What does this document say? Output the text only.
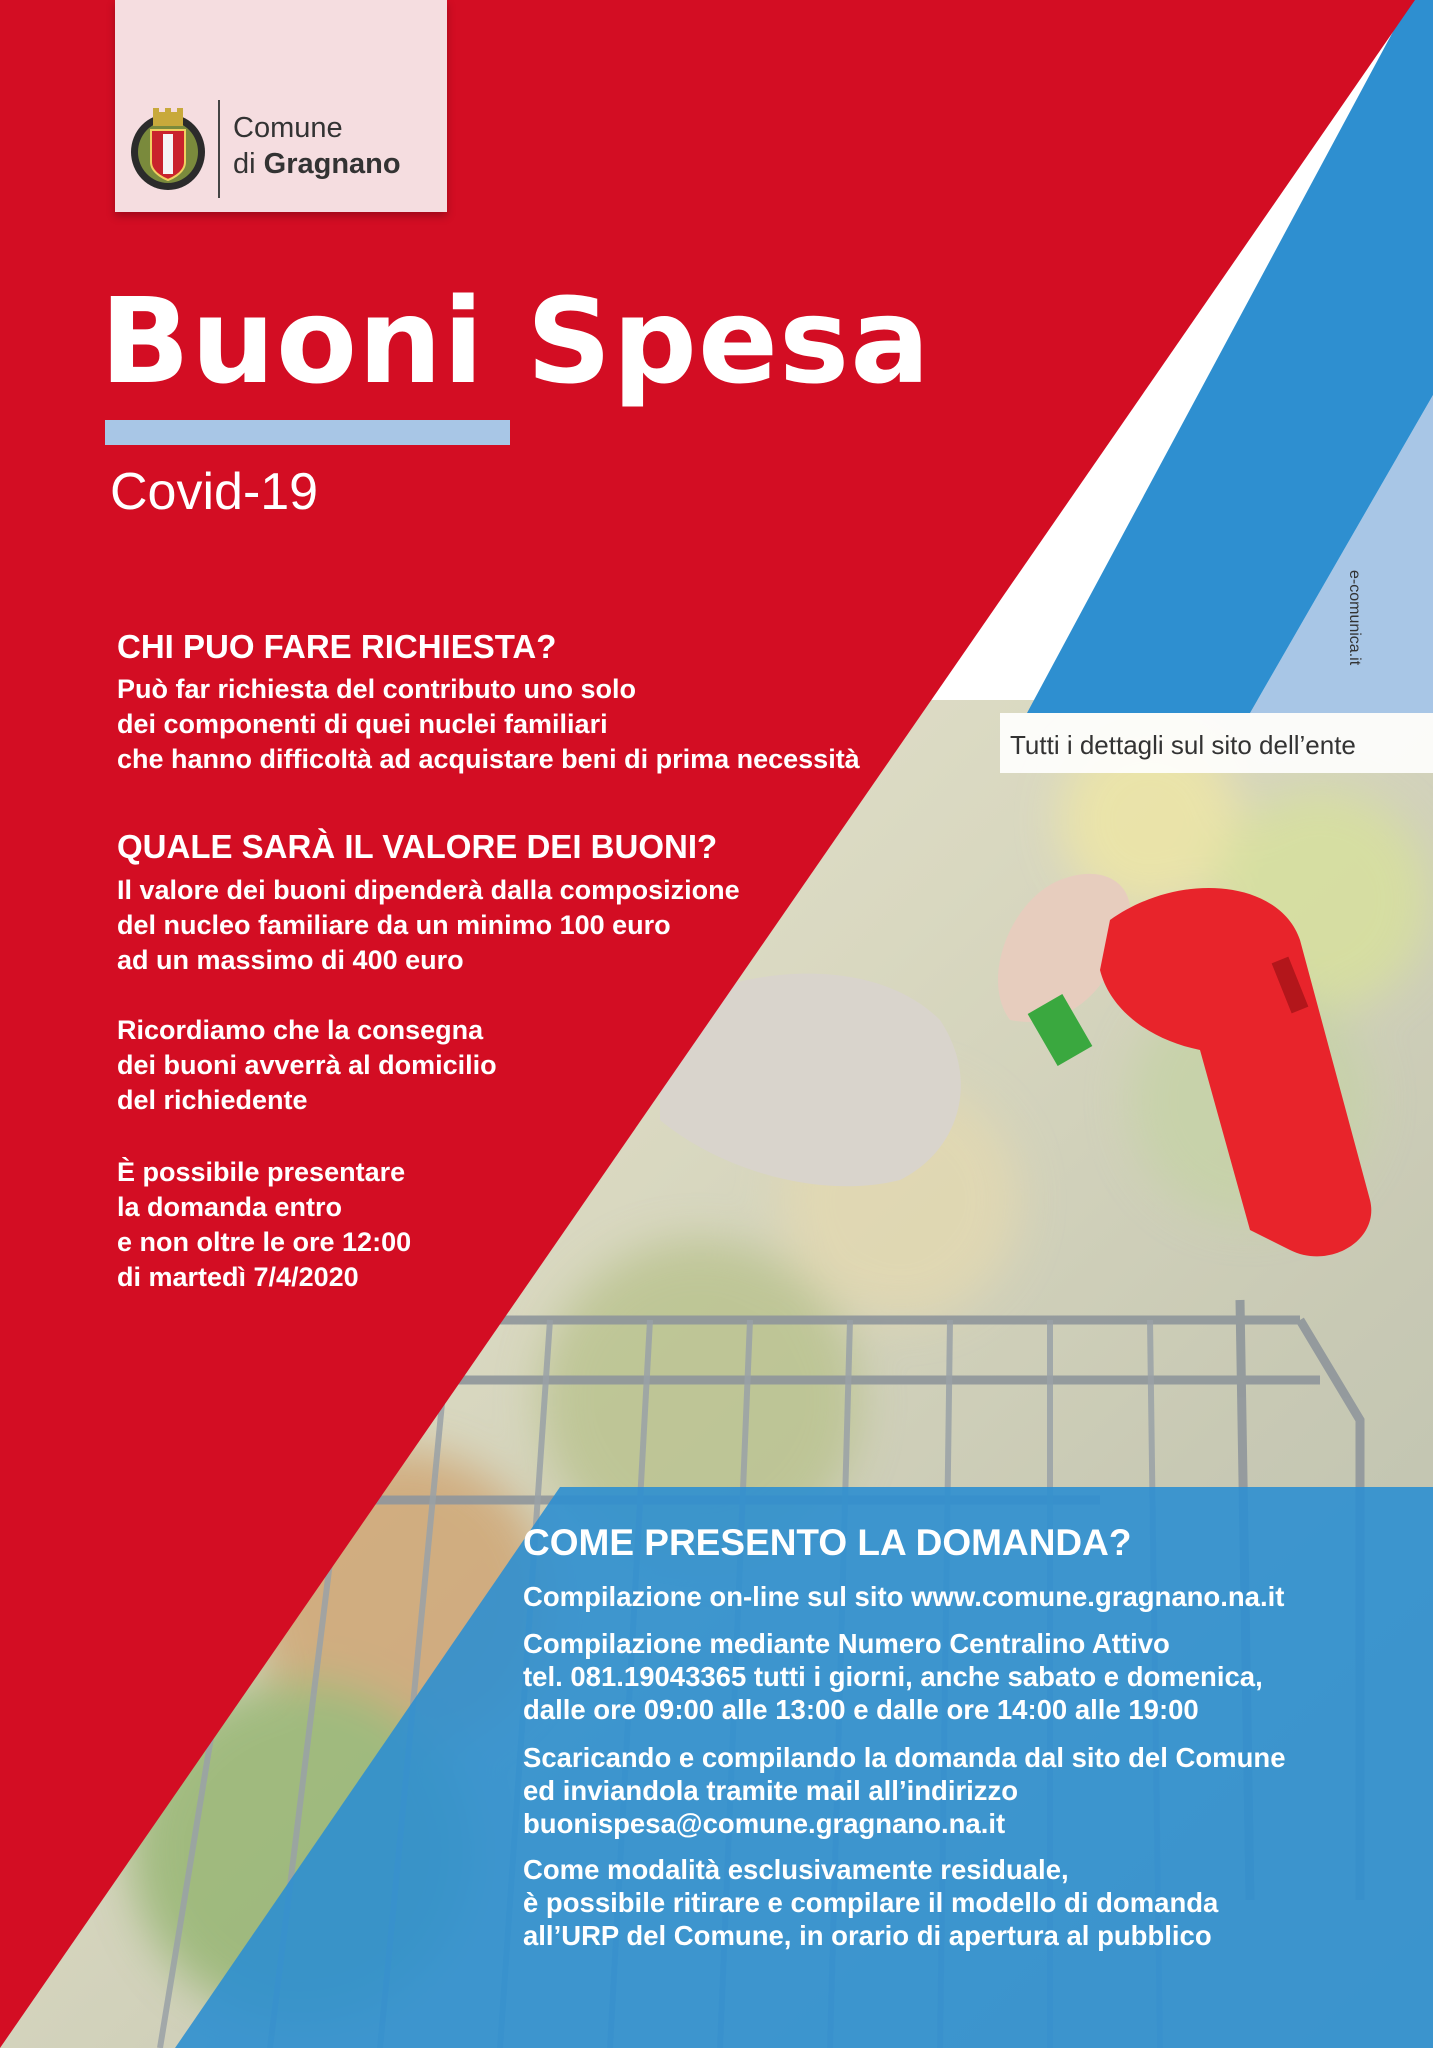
Comune
di Gragnano
Buoni Spesa
Covid-19
e-comunica.it
Tutti i dettagli sul sito dell’ente
CHI PUO FARE RICHIESTA?
Può far richiesta del contributo uno solo
dei componenti di quei nuclei familiari
che hanno difficoltà ad acquistare beni di prima necessità
QUALE SARÀ IL VALORE DEI BUONI?
Il valore dei buoni dipenderà dalla composizione
del nucleo familiare da un minimo 100 euro
ad un massimo di 400 euro
Ricordiamo che la consegna
dei buoni avverrà al domicilio
del richiedente
È possibile presentare
la domanda entro
e non oltre le ore 12:00
di martedì 7/4/2020
COME PRESENTO LA DOMANDA?
Compilazione on-line sul sito www.comune.gragnano.na.it
Compilazione mediante Numero Centralino Attivo
tel. 081.19043365 tutti i giorni, anche sabato e domenica,
dalle ore 09:00 alle 13:00 e dalle ore 14:00 alle 19:00
Scaricando e compilando la domanda dal sito del Comune
ed inviandola tramite mail all’indirizzo
buonispesa@comune.gragnano.na.it
Come modalità esclusivamente residuale,
è possibile ritirare e compilare il modello di domanda
all’URP del Comune, in orario di apertura al pubblico
